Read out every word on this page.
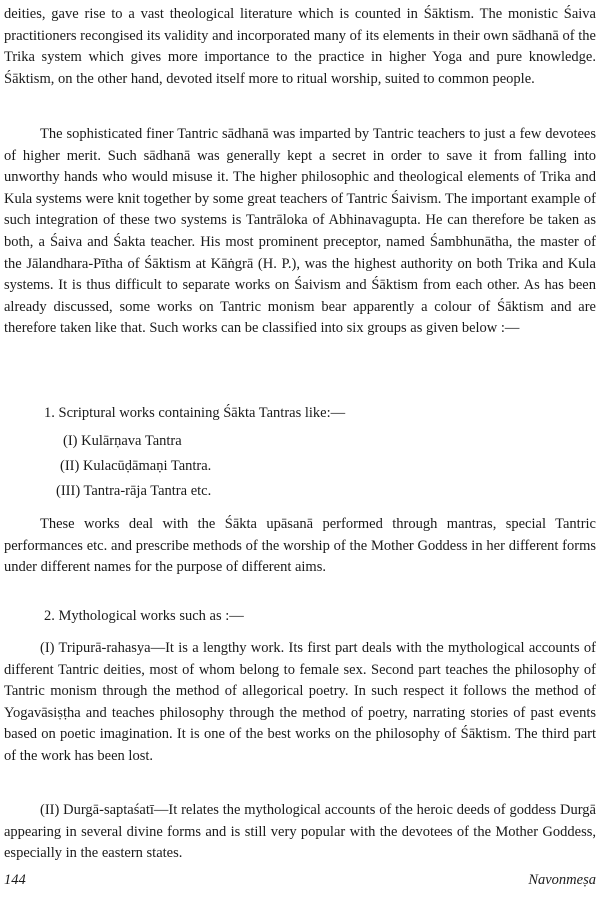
deities, gave rise to a vast theological literature which is counted in Śāktism. The monistic Śaiva practitioners recongised its validity and incorporated many of its elements in their own sādhanā of the Trika system which gives more importance to the practice in higher Yoga and pure knowledge. Śāktism, on the other hand, devoted itself more to ritual worship, suited to common people.

The sophisticated finer Tantric sādhanā was imparted by Tantric teachers to just a few devotees of higher merit. Such sādhanā was generally kept a secret in order to save it from falling into unworthy hands who would misuse it. The higher philosophic and theological elements of Trika and Kula systems were knit together by some great teachers of Tantric Śaivism. The important example of such integration of these two systems is Tantrāloka of Abhinavagupta. He can therefore be taken as both, a Śaiva and Śakta teacher. His most prominent preceptor, named Śambhunātha, the master of the Jālandhara-Pītha of Śāktism at Kāṅgrā (H. P.), was the highest authority on both Trika and Kula systems. It is thus difficult to separate works on Śaivism and Śāktism from each other. As has been already discussed, some works on Tantric monism bear apparently a colour of Śāktism and are therefore taken like that. Such works can be classified into six groups as given below :—

1. Scriptural works containing Śākta Tantras like:—

(I) Kulārṇava Tantra

(II) Kulacūḍāmaṇi Tantra.

(III) Tantra-rāja Tantra etc.

These works deal with the Śākta upāsanā performed through mantras, special Tantric performances etc. and prescribe methods of the worship of the Mother Goddess in her different forms under different names for the purpose of different aims.

2. Mythological works such as :—

(I) Tripurā-rahasya—It is a lengthy work. Its first part deals with the mythological accounts of different Tantric deities, most of whom belong to female sex. Second part teaches the philosophy of Tantric monism through the method of allegorical poetry. In such respect it follows the method of Yogavāsiṣṭha and teaches philosophy through the method of poetry, narrating stories of past events based on poetic imagination. It is one of the best works on the philosophy of Śāktism. The third part of the work has been lost.

(II) Durgā-saptaśatī—It relates the mythological accounts of the heroic deeds of goddess Durgā appearing in several divine forms and is still very popular with the devotees of the Mother Goddess, especially in the eastern states.

144	Navonmeṣa
